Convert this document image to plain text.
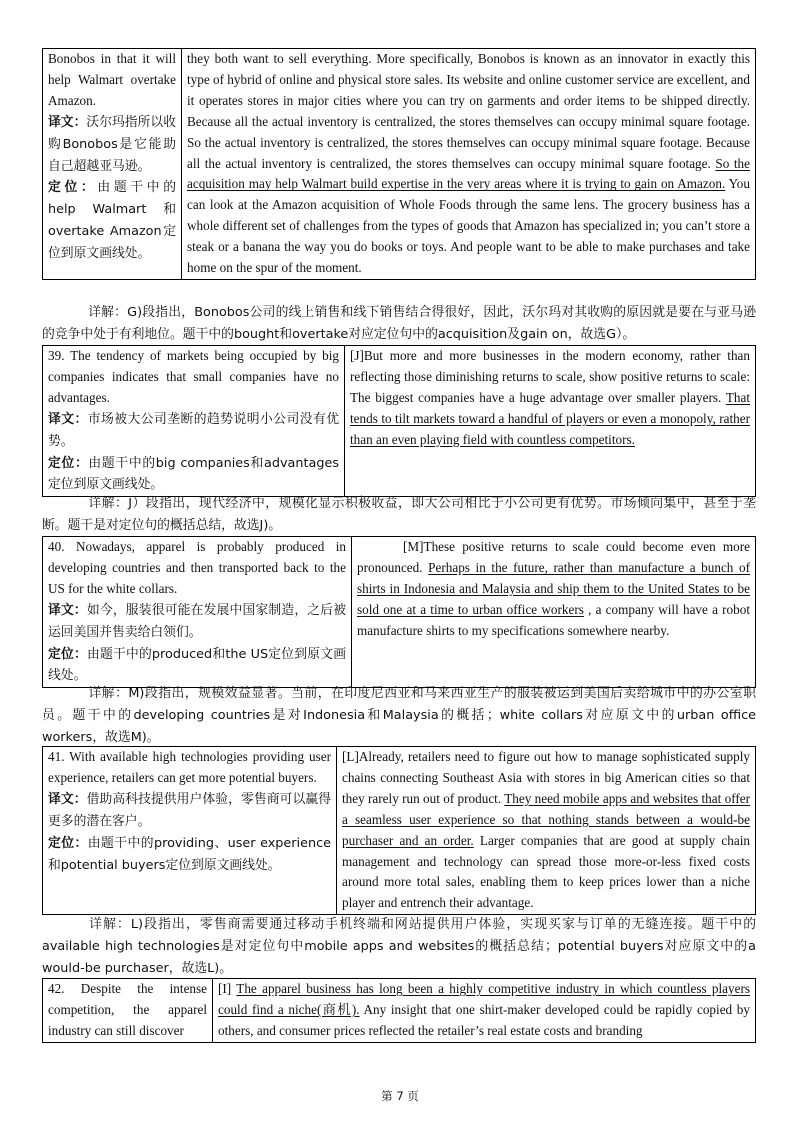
Bonobos in that it will help Walmart overtake Amazon.
译文：沃尔玛指所以收购Bonobos是它能助自己超越亚马逊。
定位：由题干中的help Walmart 和overtake Amazon定位到原文画线处。	they both want to sell everything. More specifically, Bonobos is known as an innovator in exactly this type of hybrid of online and physical store sales. Its website and online customer service are excellent, and it operates stores in major cities where you can try on garments and order items to be shipped directly. Because all the actual inventory is centralized, the stores themselves can occupy minimal square footage. So the actual inventory is centralized, the stores themselves can occupy minimal square footage. Because all the actual inventory is centralized, the stores themselves can occupy minimal square footage. So the acquisition may help Walmart build expertise in the very areas where it is trying to gain on Amazon. You can look at the Amazon acquisition of Whole Foods through the same lens. The grocery business has a whole different set of challenges from the types of goods that Amazon has specialized in; you can’t store a steak or a banana the way you do books or toys. And people want to be able to make purchases and take home on the spur of the moment.
详解：G)段指出，Bonobos公司的线上销售和线下销售结合得很好，因此，沃尔玛对其收购的原因就是要在与亚马逊的竞争中处于有利地位。题干中的bought和overtake对应定位句中的acquisition及gain on，故选G）。
39. The tendency of markets being occupied by big companies indicates that small companies have no advantages.
译文：市场被大公司垄断的趋势说明小公司没有优势。
定位：由题干中的big companies和advantages定位到原文画线处。	[J]But more and more businesses in the modern economy, rather than reflecting those diminishing returns to scale, show positive returns to scale: The biggest companies have a huge advantage over smaller players. That tends to tilt markets toward a handful of players or even a monopoly, rather than an even playing field with countless competitors.
详解：J）段指出，现代经济中，规模化显示积极收益，即大公司相比于小公司更有优势。市场倾向集中，甚至于垄断。题干是对定位句的概括总结，故选J)。
40. Nowadays, apparel is probably produced in developing countries and then transported back to the US for the white collars.
译文：如今，服装很可能在发展中国家制造，之后被运回美国并售卖给白领们。
定位：由题干中的produced和the US定位到原文画线处。	[M]These positive returns to scale could become even more pronounced. Perhaps in the future, rather than manufacture a bunch of shirts in Indonesia and Malaysia and ship them to the United States to be sold one at a time to urban office workers , a company will have a robot manufacture shirts to my specifications somewhere nearby.
详解：M)段指出，规模效益显著。当前，在印度尼西亚和马来西亚生产的服装被运到美国后卖给城市中的办公室职员。题干中的developing countries是对Indonesia和Malaysia的概括；white collars对应原文中的urban office workers，故选M)。
41. With available high technologies providing user experience, retailers can get more potential buyers.
译文：借助高科技提供用户体验，零售商可以赢得更多的潜在客户。
定位：由题干中的providing、user experience和potential buyers定位到原文画线处。	[L]Already, retailers need to figure out how to manage sophisticated supply chains connecting Southeast Asia with stores in big American cities so that they rarely run out of product. They need mobile apps and websites that offer a seamless user experience so that nothing stands between a would-be purchaser and an order. Larger companies that are good at supply chain management and technology can spread those more-or-less fixed costs around more total sales, enabling them to keep prices lower than a niche player and entrench their advantage.
详解：L)段指出，零售商需要通过移动手机终端和网站提供用户体验，实现买家与订单的无缝连接。题干中的available high technologies是对定位句中mobile apps and websites的概括总结；potential buyers对应原文中的a would-be purchaser，故选L)。
42. Despite the intense competition, the apparel industry can still discover	[I] The apparel business has long been a highly competitive industry in which countless players could find a niche(商机). Any insight that one shirt-maker developed could be rapidly copied by others, and consumer prices reflected the retailer’s real estate costs and branding
第 7 页
